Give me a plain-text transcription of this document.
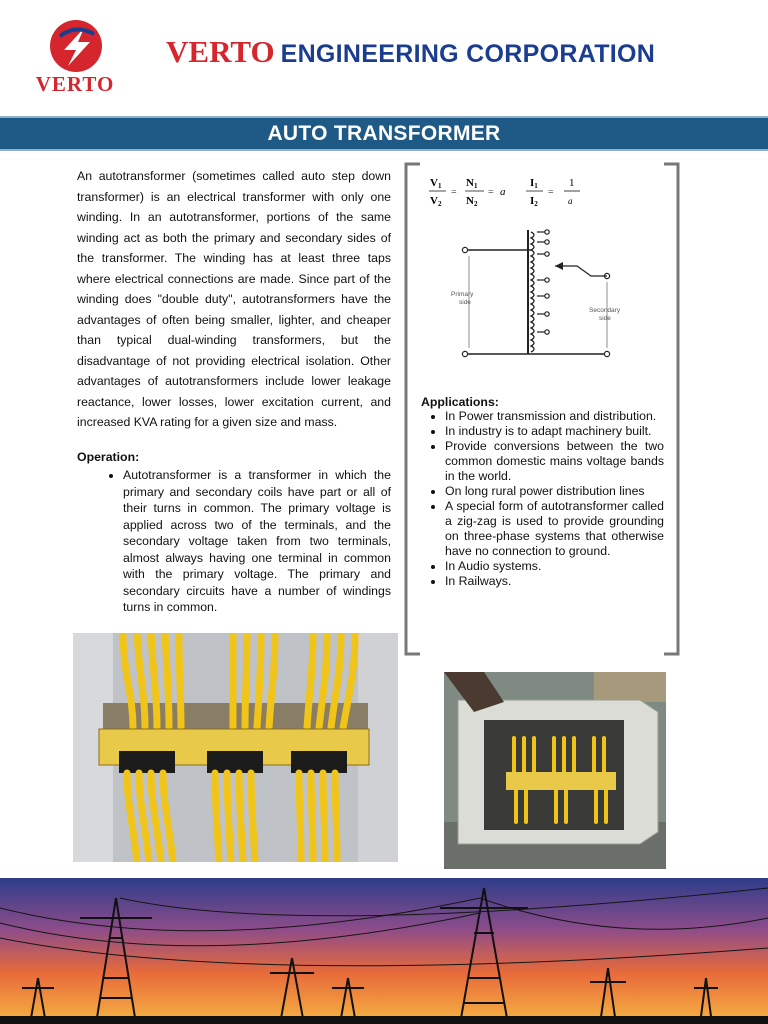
VERTO
VERTO ENGINEERING CORPORATION
AUTO TRANSFORMER

An autotransformer (sometimes called auto step down transformer) is an electrical transformer with only one winding. In an autotransformer, portions of the same winding act as both the primary and secondary sides of the transformer. The winding has at least three taps where electrical connections are made. Since part of the winding does "double duty", autotransformers have the advantages of often being smaller, lighter, and cheaper than typical dual-winding transformers, but the disadvantage of not providing electrical isolation. Other advantages of autotransformers include lower leakage reactance, lower losses, lower excitation current, and increased KVA rating for a given size and mass.

Operation:

• Autotransformer is a transformer in which the primary and secondary coils have part or all of their turns in common. The primary voltage is applied across two of the terminals, and the secondary voltage taken from two terminals, almost always having one terminal in common with the primary voltage. The primary and secondary circuits have a number of windings turns in common.
V1
V2
=
N1
N2
= a
I1
I2
=
1
a
Primary
side
Secondary
side

Applications:

• In Power transmission and distribution.
• In industry is to adapt machinery built.
• Provide conversions between the two common domestic mains voltage bands in the world.
• On long rural power distribution lines
• A special form of autotransformer called a zig-zag is used to provide grounding on three-phase systems that otherwise have no connection to ground.
• In Audio systems.
• In Railways.
